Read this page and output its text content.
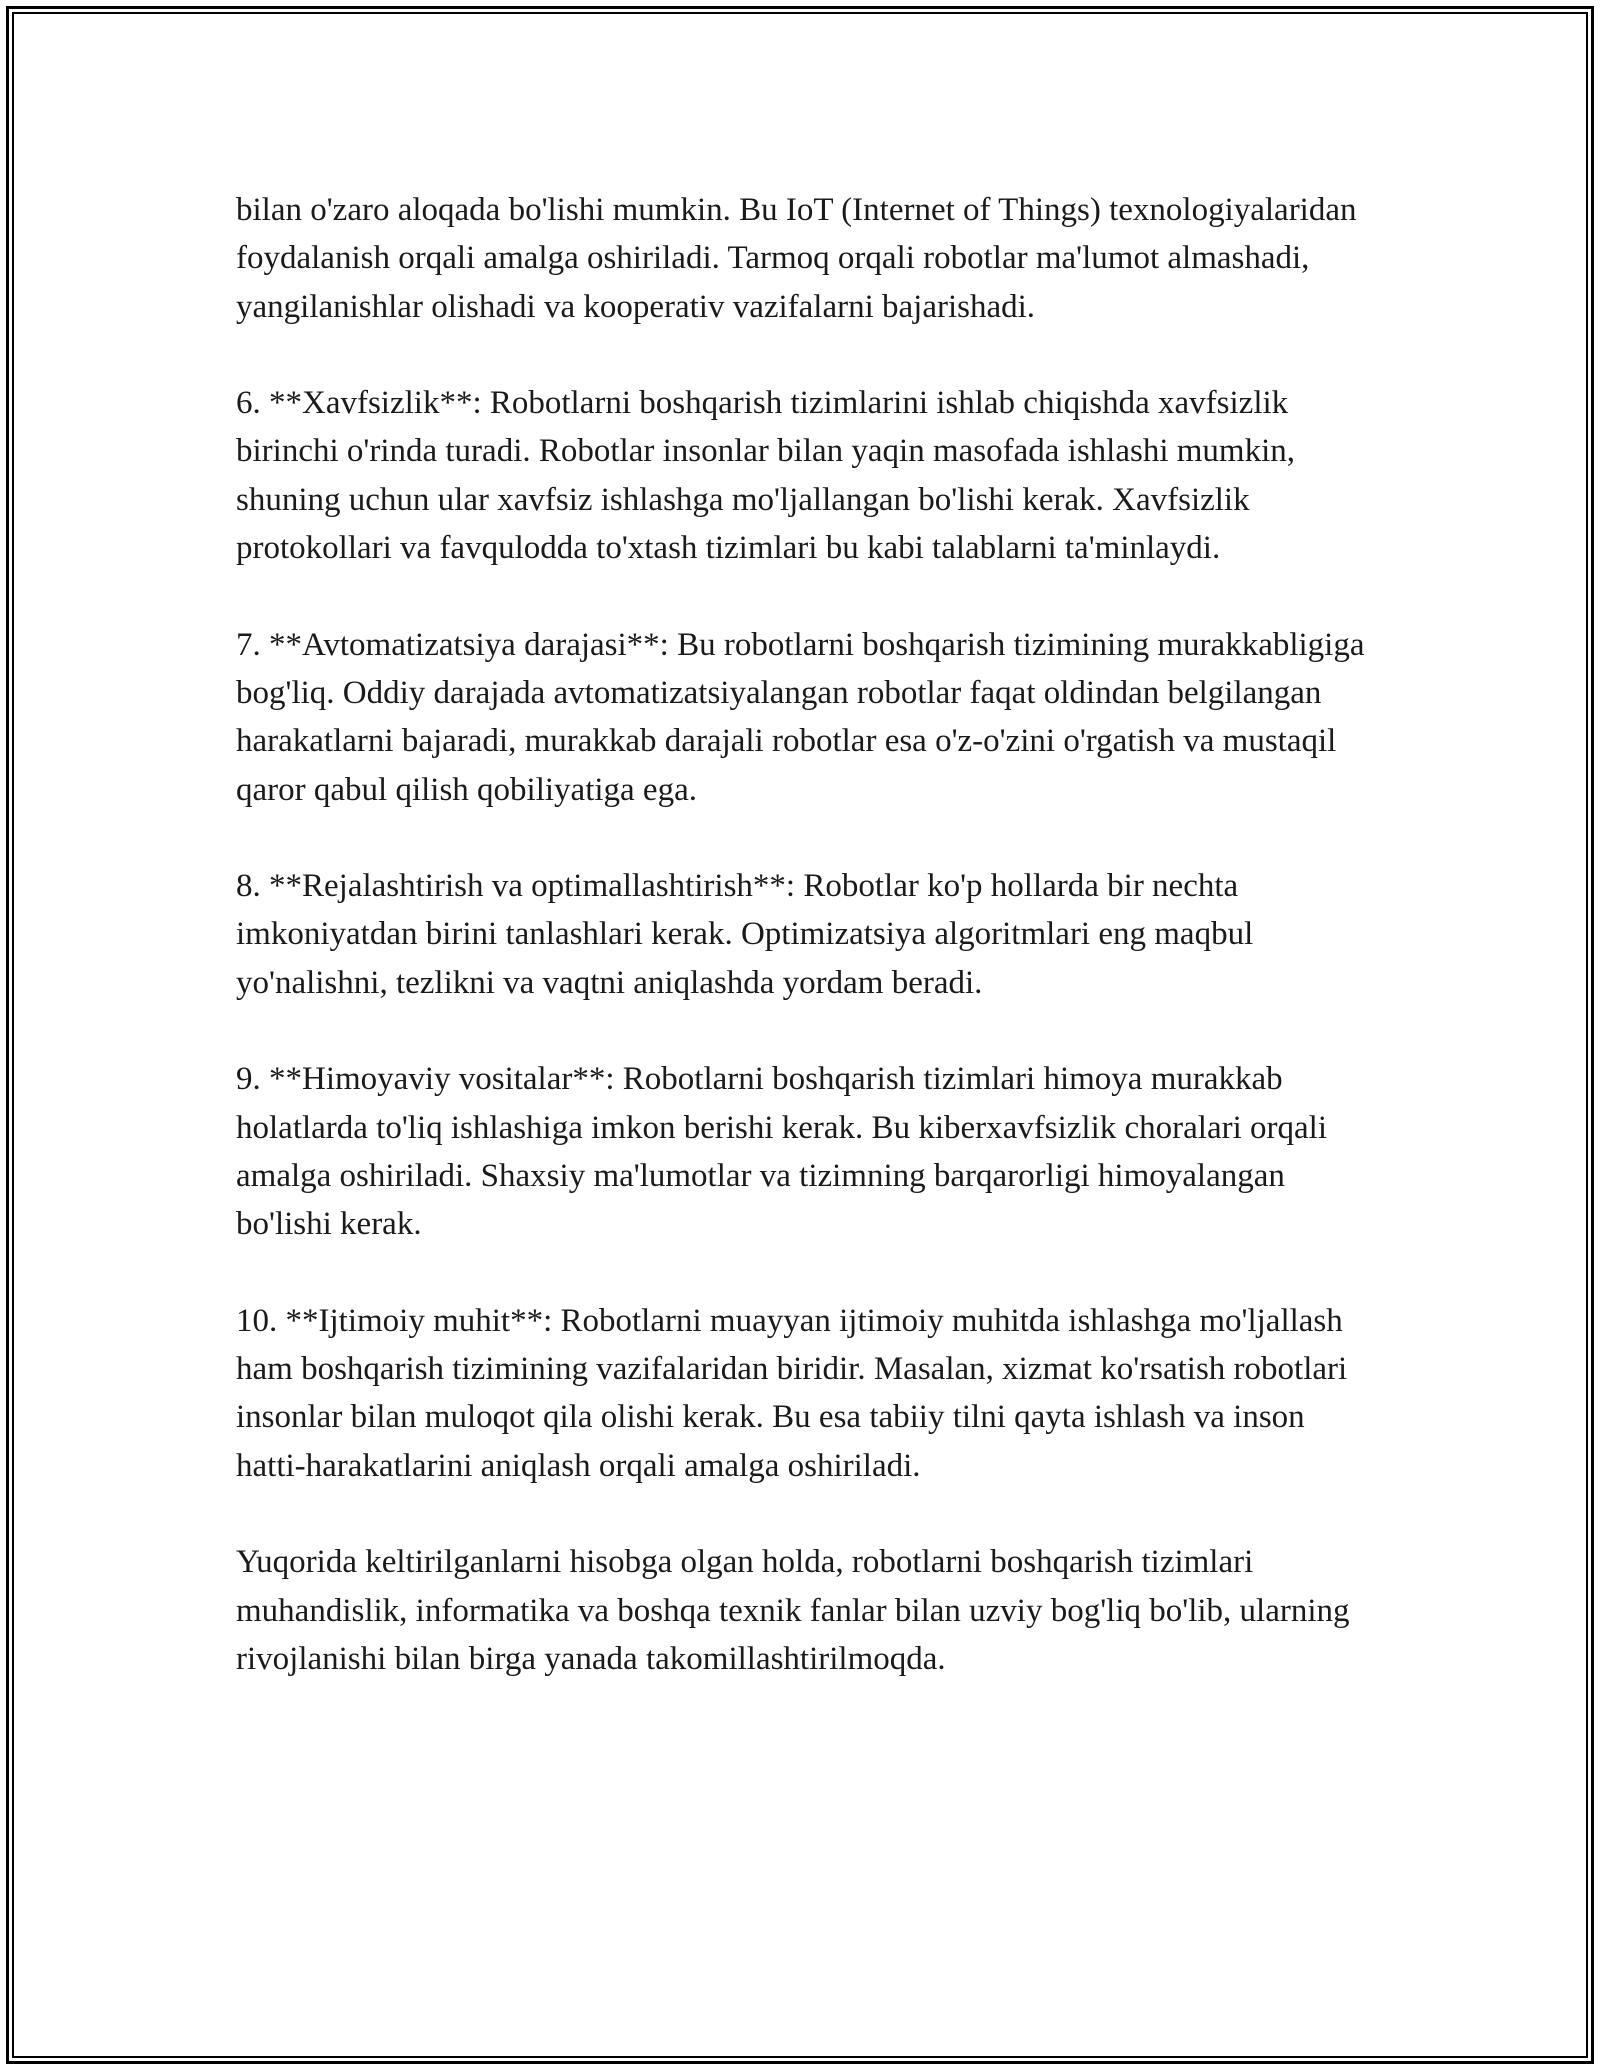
bilan o'zaro aloqada bo'lishi mumkin. Bu IoT (Internet of Things) texnologiyalaridan foydalanish orqali amalga oshiriladi. Tarmoq orqali robotlar ma'lumot almashadi, yangilanishlar olishadi va kooperativ vazifalarni bajarishadi.

6. **Xavfsizlik**: Robotlarni boshqarish tizimlarini ishlab chiqishda xavfsizlik birinchi o'rinda turadi. Robotlar insonlar bilan yaqin masofada ishlashi mumkin, shuning uchun ular xavfsiz ishlashga mo'ljallangan bo'lishi kerak. Xavfsizlik protokollari va favqulodda to'xtash tizimlari bu kabi talablarni ta'minlaydi.

7. **Avtomatizatsiya darajasi**: Bu robotlarni boshqarish tizimining murakkabligiga bog'liq. Oddiy darajada avtomatizatsiyalangan robotlar faqat oldindan belgilangan harakatlarni bajaradi, murakkab darajali robotlar esa o'z-o'zini o'rgatish va mustaqil qaror qabul qilish qobiliyatiga ega.

8. **Rejalashtirish va optimallashtirish**: Robotlar ko'p hollarda bir nechta imkoniyatdan birini tanlashlari kerak. Optimizatsiya algoritmlari eng maqbul yo'nalishni, tezlikni va vaqtni aniqlashda yordam beradi.

9. **Himoyaviy vositalar**: Robotlarni boshqarish tizimlari himoya murakkab holatlarda to'liq ishlashiga imkon berishi kerak. Bu kiberxavfsizlik choralari orqali amalga oshiriladi. Shaxsiy ma'lumotlar va tizimning barqarorligi himoyalangan bo'lishi kerak.

10. **Ijtimoiy muhit**: Robotlarni muayyan ijtimoiy muhitda ishlashga mo'ljallash ham boshqarish tizimining vazifalaridan biridir. Masalan, xizmat ko'rsatish robotlari insonlar bilan muloqot qila olishi kerak. Bu esa tabiiy tilni qayta ishlash va inson hatti-harakatlarini aniqlash orqali amalga oshiriladi.

Yuqorida keltirilganlarni hisobga olgan holda, robotlarni boshqarish tizimlari muhandislik, informatika va boshqa texnik fanlar bilan uzviy bog'liq bo'lib, ularning rivojlanishi bilan birga yanada takomillashtirilmoqda.
